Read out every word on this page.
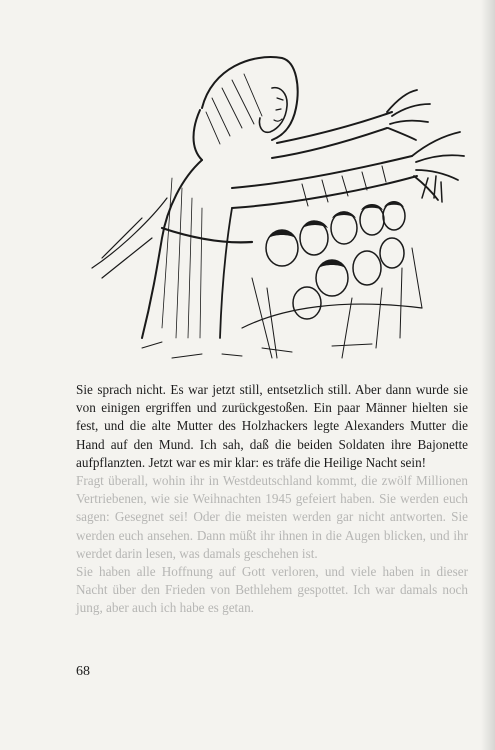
Sie sprach nicht. Es war jetzt still, entsetzlich still. Aber dann wurde sie von einigen ergriffen und zurückgestoßen. Ein paar Männer hielten sie fest, und die alte Mutter des Holzhackers legte Alexanders Mutter die Hand auf den Mund. Ich sah, daß die beiden Soldaten ihre Bajonette aufpflanzten. Jetzt war es mir klar: es träfe die Heilige Nacht sein!

Fragt überall, wohin ihr in Westdeutschland kommt, die zwölf Millionen Vertriebenen, wie sie Weihnachten 1945 gefeiert haben. Sie werden euch sagen: Gesegnet sei! Oder die meisten werden gar nicht antworten. Sie werden euch ansehen. Dann müßt ihr ihnen in die Augen blicken, und ihr werdet darin lesen, was damals geschehen ist.

Sie haben alle Hoffnung auf Gott verloren, und viele haben in dieser Nacht über den Frieden von Bethlehem gespottet. Ich war damals noch jung, aber auch ich habe es getan.

68
